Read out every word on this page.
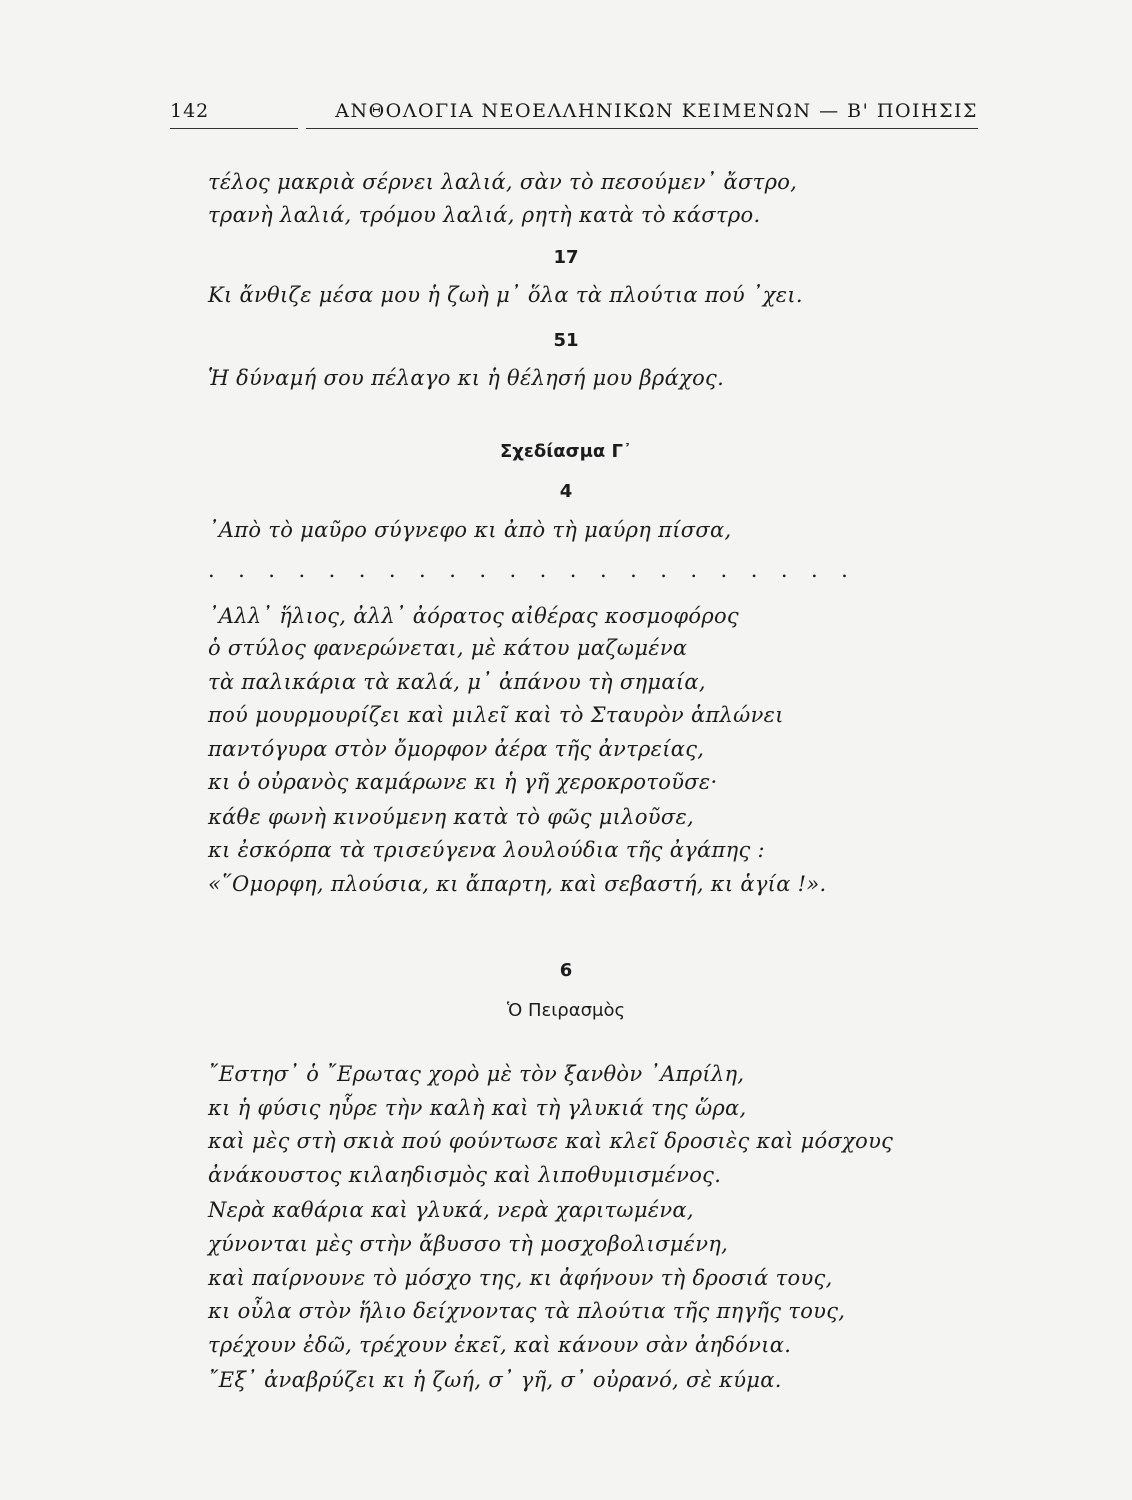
142	ΑΝΘΟΛΟΓΙΑ ΝΕΟΕΛΛΗΝΙΚΩΝ ΚΕΙΜΕΝΩΝ — Β' ΠΟΙΗΣΙΣ
τέλος μακριὰ σέρνει λαλιά, σὰν τὸ πεσούμεν᾽ ἄστρο,
τρανὴ λαλιά, τρόμου λαλιά, ρητὴ κατὰ τὸ κάστρο.
17
Κι ἄνθιζε μέσα μου ἡ ζωὴ μ᾽ ὅλα τὰ πλούτια πού ᾽χει.
51
Ἡ δύναμή σου πέλαγο κι ἡ θέλησή μου βράχος.
Σχεδίασμα Γ᾽
4
᾽Απὸ τὸ μαῦρο σύγνεφο κι ἀπὸ τὴ μαύρη πίσσα,
. . . . . . . . . . . . . . . . . . . . . .
᾽Αλλ᾽ ἥλιος, ἀλλ᾽ ἀόρατος αἰθέρας κοσμοφόρος
ὁ στύλος φανερώνεται, μὲ κάτου μαζωμένα
τὰ παλικάρια τὰ καλά, μ᾽ ἀπάνου τὴ σημαία,
πού μουρμουρίζει καὶ μιλεῖ καὶ τὸ Σταυρὸν ἁπλώνει
παντόγυρα στὸν ὄμορφον ἀέρα τῆς ἀντρείας,
κι ὁ οὐρανὸς καμάρωνε κι ἡ γῆ χεροκροτοῦσε·
κάθε φωνὴ κινούμενη κατὰ τὸ φῶς μιλοῦσε,
κι ἐσκόρπα τὰ τρισεύγενα λουλούδια τῆς ἀγάπης :
«῞Ομορφη, πλούσια, κι ἄπαρτη, καὶ σεβαστή, κι ἁγία !».
6
Ὁ Πειρασμὸς
῎Εστησ᾽ ὁ ῎Ερωτας χορὸ μὲ τὸν ξανθὸν ᾽Απρίλη,
κι ἡ φύσις ηὗρε τὴν καλὴ καὶ τὴ γλυκιά της ὥρα,
καὶ μὲς στὴ σκιὰ πού φούντωσε καὶ κλεῖ δροσιὲς καὶ μόσχους
ἀνάκουστος κιλαηδισμὸς καὶ λιποθυμισμένος.
Νερὰ καθάρια καὶ γλυκά, νερὰ χαριτωμένα,
χύνονται μὲς στὴν ἄβυσσο τὴ μοσχοβολισμένη,
καὶ παίρνουνε τὸ μόσχο της, κι ἀφήνουν τὴ δροσιά τους,
κι οὖλα στὸν ἥλιο δείχνοντας τὰ πλούτια τῆς πηγῆς τους,
τρέχουν ἐδῶ, τρέχουν ἐκεῖ, καὶ κάνουν σὰν ἀηδόνια.
῎Εξ᾽ ἀναβρύζει κι ἡ ζωή, σ᾽ γῆ, σ᾽ οὐρανό, σὲ κύμα.
